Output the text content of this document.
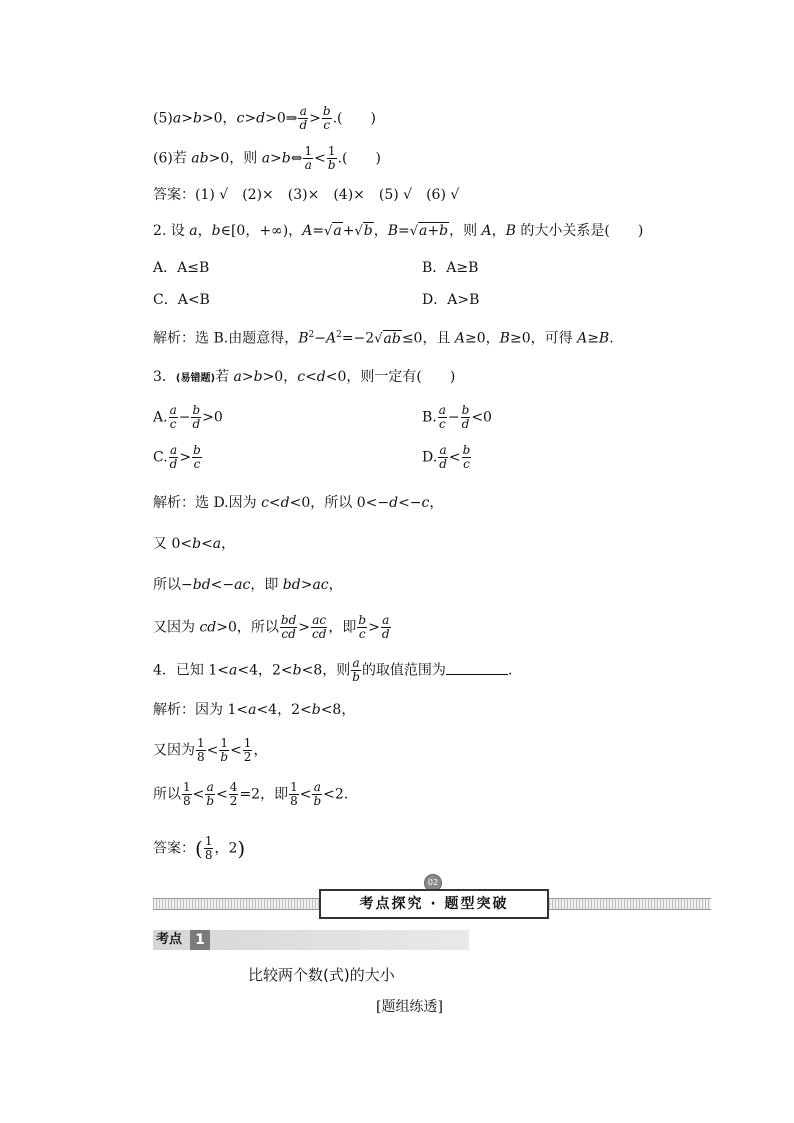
(5)a>b>0，c>d>0⇒ $\frac{a}{d} > \frac{b}{c}$ .(　　)
(6)若 ab>0，则 a>b⇔ $\frac{1}{a} < \frac{1}{b}$ .(　　)
答案：(1) √　(2)×　(3)×　(4)×　(5) √　(6) √
2. 设 a，b∈[0，+∞)，A=√a+√b，B=√a+b，则 A，B 的大小关系是(　　)
A．A≤B	B．A≥B
C．A<B	D．A>B
解析：选 B.由题意得，$B^2-A^2=-2√ab\le 0$，且 A≥0，B≥0，可得 A≥B.
3．(易错题)若 a>b>0，c<d<0，则一定有(　　)
A. $\frac{a}{c} - \frac{b}{d} >0$	B. $\frac{a}{c} - \frac{b}{d} <0$
C. $\frac{a}{d} > \frac{b}{c}$	D. $\frac{a}{d} < \frac{b}{c}$
解析：选 D.因为 c<d<0，所以 0<−d<−c，
又 0<b<a，
所以−bd<−ac，即 bd>ac，
又因为 cd>0，所以 $\frac{bd}{cd} > \frac{ac}{cd}$ ，即 $\frac{b}{c} > \frac{a}{d}$
4．已知 1<a<4，2<b<8，则 $\frac{a}{b}$ 的取值范围为	.
解析：因为 1<a<4，2<b<8，
又因为 1
$8 < \frac{1}{b} < 1$
2 ，
所以 1
$8 < \frac{a}{b} < 4$
2 =2，即 1
$8 < \frac{a}{b} <2$.
答案：( 1
8 ，2)
02
考点探究 · 题型突破
考点 1
比较两个数(式)的大小
[题组练透]
